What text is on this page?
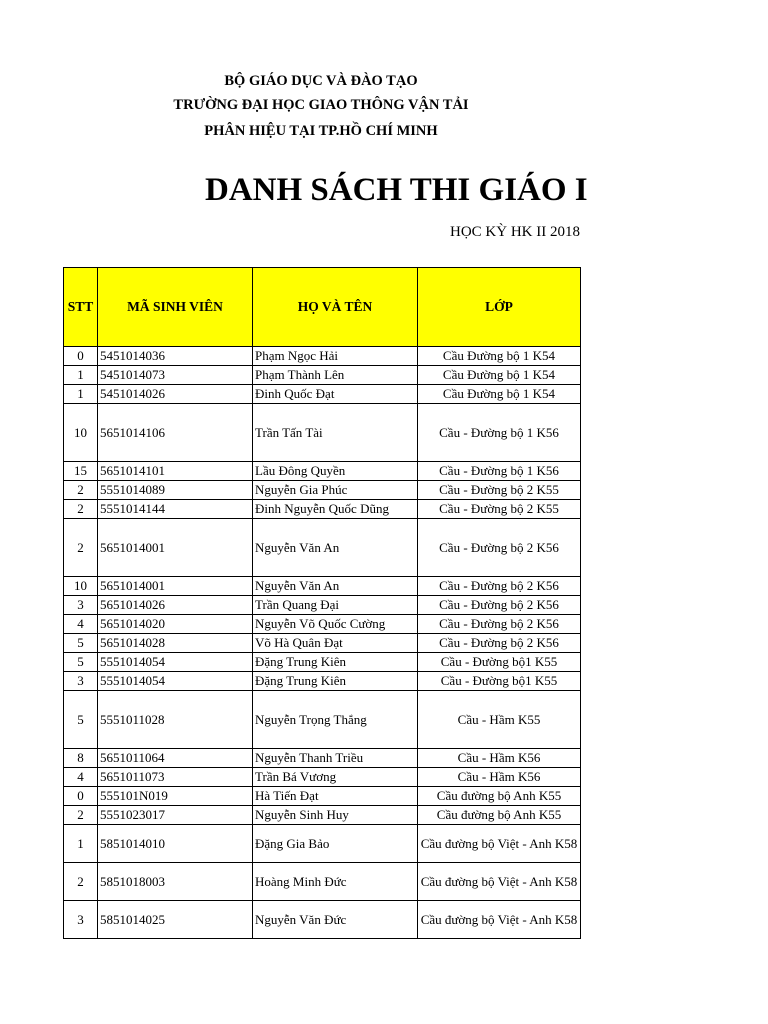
BỘ GIÁO DỤC VÀ ĐÀO TẠO
TRƯỜNG ĐẠI HỌC GIAO THÔNG VẬN TẢI
PHÂN HIỆU TẠI TP.HỒ CHÍ MINH
DANH SÁCH THI GIÁO I
HỌC KỲ HK II 2018
STT	MÃ SINH VIÊN	HỌ VÀ TÊN	LỚP
0	5451014036	Phạm Ngọc Hải	Cầu Đường bộ 1 K54
1	5451014073	Phạm Thành Lên	Cầu Đường bộ 1 K54
1	5451014026	Đinh Quốc Đạt	Cầu Đường bộ 1 K54
10	5651014106	Trần Tấn Tài	Cầu - Đường bộ 1 K56
15	5651014101	Lầu Đông Quyền	Cầu - Đường bộ 1 K56
2	5551014089	Nguyễn Gia Phúc	Cầu - Đường bộ 2 K55
2	5551014144	Đinh Nguyễn Quốc Dũng	Cầu - Đường bộ 2 K55
2	5651014001	Nguyễn Văn An	Cầu - Đường bộ 2 K56
10	5651014001	Nguyễn Văn An	Cầu - Đường bộ 2 K56
3	5651014026	Trần Quang Đại	Cầu - Đường bộ 2 K56
4	5651014020	Nguyễn Võ Quốc Cường	Cầu - Đường bộ 2 K56
5	5651014028	Võ Hà Quân Đạt	Cầu - Đường bộ 2 K56
5	5551014054	Đặng Trung Kiên	Cầu - Đường bộ1 K55
3	5551014054	Đặng Trung Kiên	Cầu - Đường bộ1 K55
5	5551011028	Nguyễn Trọng Thắng	Cầu - Hầm K55
8	5651011064	Nguyễn Thanh Triều	Cầu - Hầm K56
4	5651011073	Trần Bá Vương	Cầu - Hầm K56
0	555101N019	Hà Tiến Đạt	Cầu đường bộ Anh K55
2	5551023017	Nguyễn Sinh Huy	Cầu đường bộ Anh K55
1	5851014010	Đặng Gia Bảo	Cầu đường bộ Việt - Anh K58
2	5851018003	Hoàng Minh Đức	Cầu đường bộ Việt - Anh K58
3	5851014025	Nguyễn Văn Đức	Cầu đường bộ Việt - Anh K58
